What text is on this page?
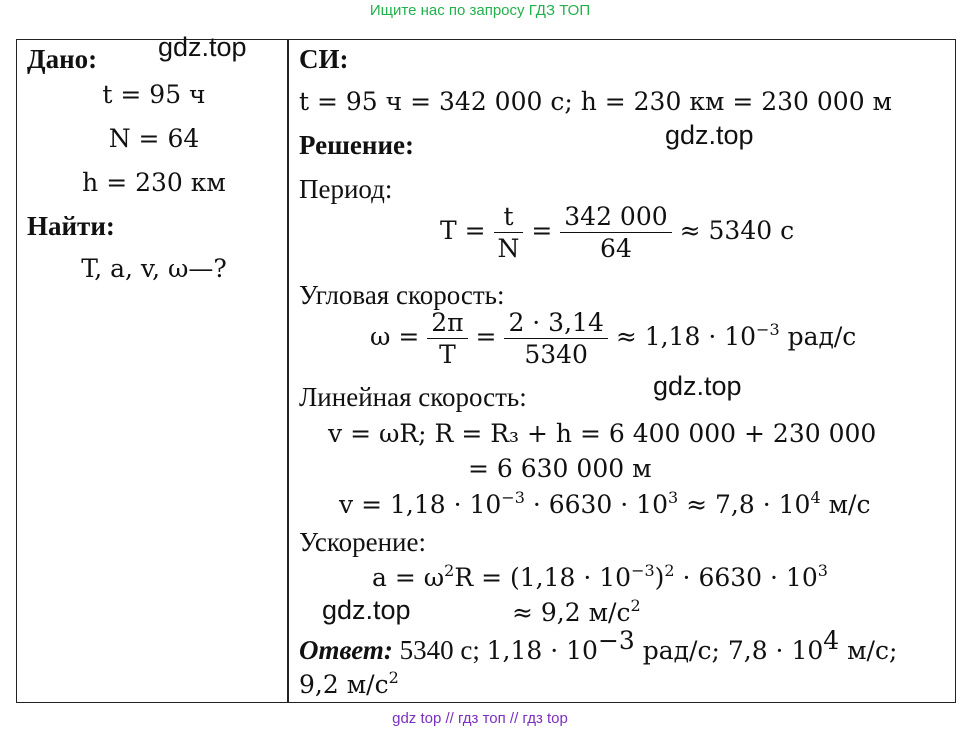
Ищите нас по запросу ГДЗ ТОП
Дано:
t = 95 ч
N = 64
h = 230 км
Найти:
T, a, v, ω—?
СИ:
t = 95 ч = 342 000 с; h = 230 км = 230 000 м
Решение:
Период:
$T = \frac{t}{N} = \frac{342 000}{64} \approx 5340$ с
Угловая скорость:
$\omega = \frac{2\pi}{T} = \frac{2 \cdot 3,14}{5340} \approx 1,18 \cdot 10^{-3}$ рад/с
Линейная скорость:
v = ωR; R = R₃ + h = 6 400 000 + 230 000
= 6 630 000 м
$v = 1,18 \cdot 10^{-3} \cdot 6630 \cdot 10^3 \approx 7,8 \cdot 10^4$ м/с
Ускорение:
$a = \omega^2R = (1,18 \cdot 10^{-3})^2 \cdot 6630 \cdot 10^3$
≈ 9,2 $м/с^2$
Ответ: 5340 с; $1,18 \cdot 10^{-3}$ рад/с; $7,8 \cdot 10^4$ м/с;
9,2 $м/с^2$
gdz.top
gdz.top
gdz.top
gdz.top
gdz top // гдз топ // гдз top
